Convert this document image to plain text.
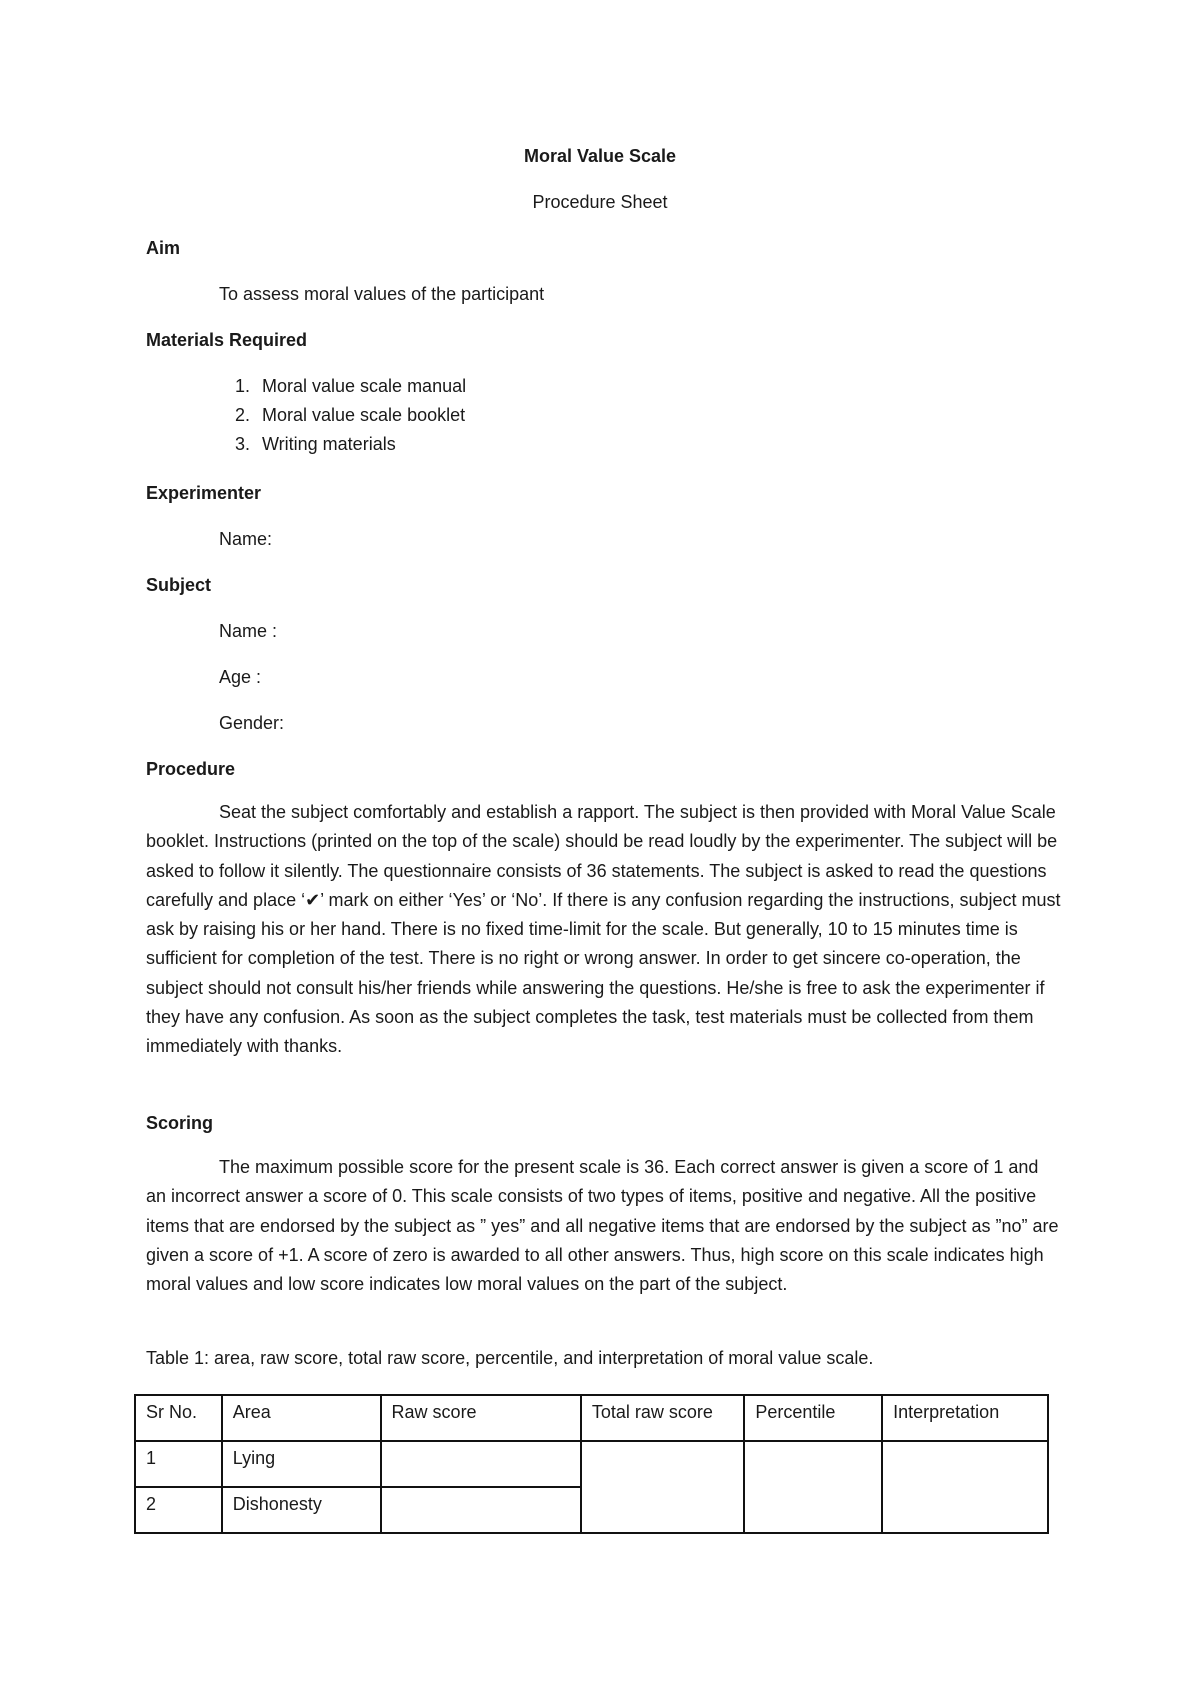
Moral Value Scale
Procedure Sheet
Aim
To assess moral values of the participant
Materials Required
1. Moral value scale manual
2. Moral value scale booklet
3. Writing materials
Experimenter
Name:
Subject
Name :
Age :
Gender:
Procedure

Seat the subject comfortably and establish a rapport. The subject is then provided with Moral Value Scale booklet. Instructions (printed on the top of the scale) should be read loudly by the experimenter. The subject will be asked to follow it silently. The questionnaire consists of 36 statements. The subject is asked to read the questions carefully and place ‘✔’ mark on either ‘Yes’ or ‘No’. If there is any confusion regarding the instructions, subject must ask by raising his or her hand. There is no fixed time-limit for the scale. But generally, 10 to 15 minutes time is sufficient for completion of the test. There is no right or wrong answer. In order to get sincere co-operation, the subject should not consult his/her friends while answering the questions. He/she is free to ask the experimenter if they have any confusion. As soon as the subject completes the task, test materials must be collected from them immediately with thanks.

Scoring

The maximum possible score for the present scale is 36. Each correct answer is given a score of 1 and an incorrect answer a score of 0. This scale consists of two types of items, positive and negative. All the positive items that are endorsed by the subject as ” yes” and all negative items that are endorsed by the subject as ”no” are given a score of +1. A score of zero is awarded to all other answers. Thus, high score on this scale indicates high moral values and low score indicates low moral values on the part of the subject.

Table 1: area, raw score, total raw score, percentile, and interpretation of moral value scale.
Sr No.	Area	Raw score	Total raw score	Percentile	Interpretation
1	Lying				
2	Dishonesty				
